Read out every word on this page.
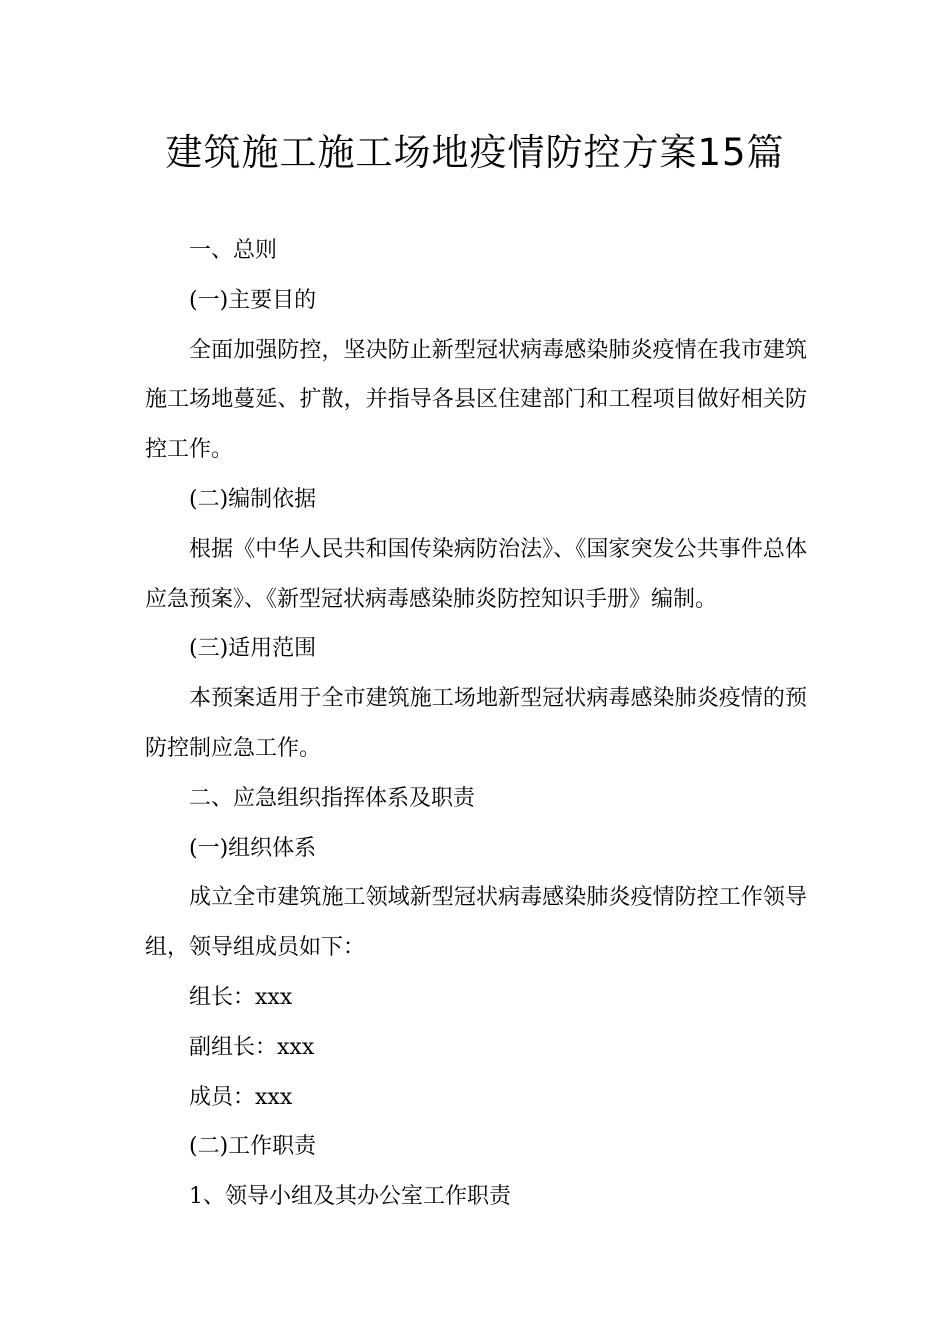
建筑施工施工场地疫情防控方案15篇

一、总则

(一)主要目的

全面加强防控，坚决防止新型冠状病毒感染肺炎疫情在我市建筑施工场地蔓延、扩散，并指导各县区住建部门和工程项目做好相关防控工作。

(二)编制依据

根据《中华人民共和国传染病防治法》、《国家突发公共事件总体应急预案》、《新型冠状病毒感染肺炎防控知识手册》编制。

(三)适用范围

本预案适用于全市建筑施工场地新型冠状病毒感染肺炎疫情的预防控制应急工作。

二、应急组织指挥体系及职责

(一)组织体系

成立全市建筑施工领域新型冠状病毒感染肺炎疫情防控工作领导组，领导组成员如下：

组长：xxx

副组长：xxx

成员：xxx

(二)工作职责

1、领导小组及其办公室工作职责
